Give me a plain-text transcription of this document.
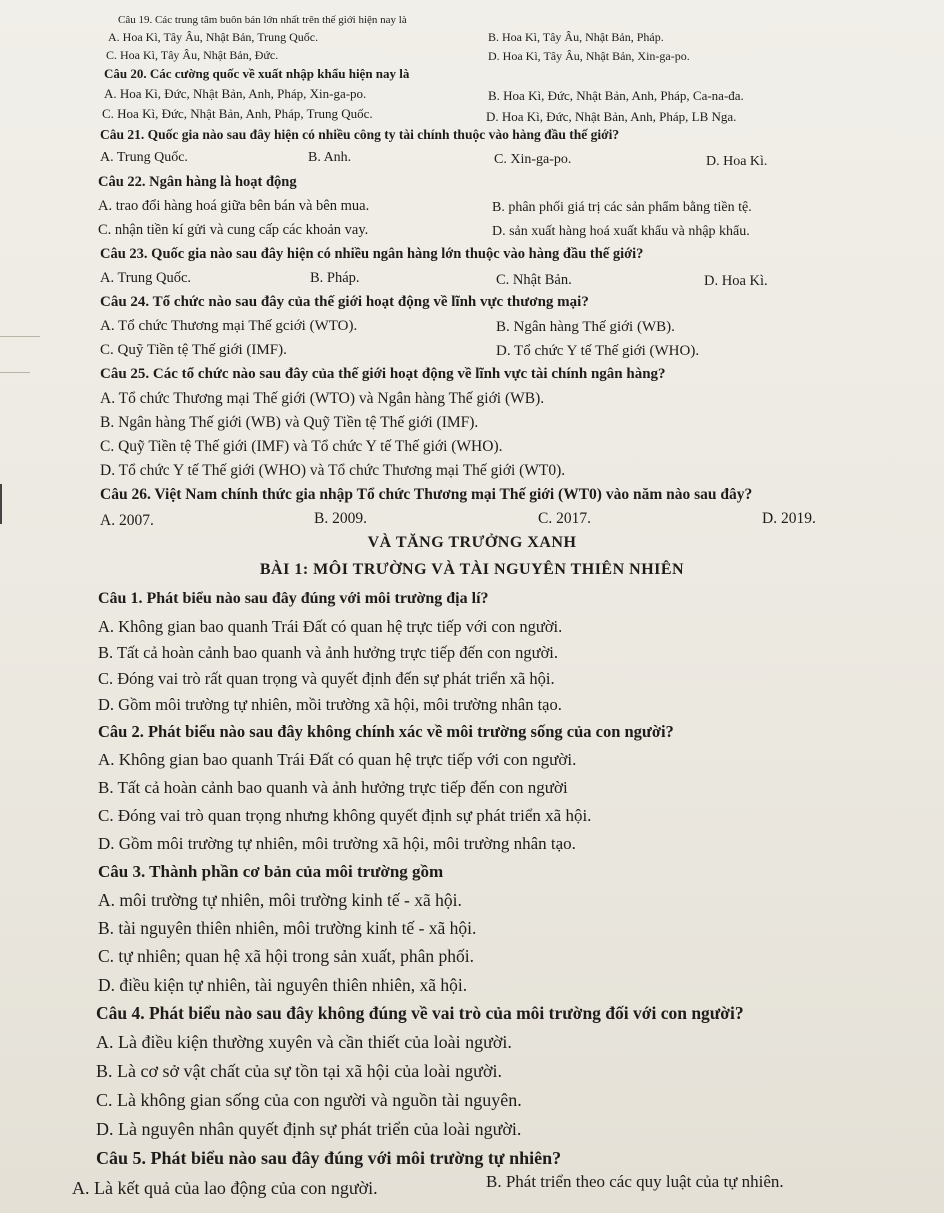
Câu 19. Các trung tâm buôn bán lớn nhất trên thế giới hiện nay là
A. Hoa Kì, Tây Âu, Nhật Bản, Trung Quốc.	B. Hoa Kì, Tây Âu, Nhật Bản, Pháp.
C. Hoa Kì, Tây Âu, Nhật Bản, Đức.	D. Hoa Kì, Tây Âu, Nhật Bản, Xin-ga-po.
Câu 20. Các cường quốc về xuất nhập khẩu hiện nay là
A. Hoa Kì, Đức, Nhật Bản, Anh, Pháp, Xin-ga-po.	B. Hoa Kì, Đức, Nhật Bản, Anh, Pháp, Ca-na-đa.
C. Hoa Kì, Đức, Nhật Bản, Anh, Pháp, Trung Quốc.	D. Hoa Kì, Đức, Nhật Bản, Anh, Pháp, LB Nga.
Câu 21. Quốc gia nào sau đây hiện có nhiều công ty tài chính thuộc vào hàng đầu thế giới?
A. Trung Quốc.	B. Anh.	C. Xin-ga-po.	D. Hoa Kì.
Câu 22. Ngân hàng là hoạt động
A. trao đổi hàng hoá giữa bên bán và bên mua.	B. phân phối giá trị các sản phẩm bằng tiền tệ.
C. nhận tiền kí gửi và cung cấp các khoản vay.	D. sản xuất hàng hoá xuất khẩu và nhập khẩu.
Câu 23. Quốc gia nào sau đây hiện có nhiều ngân hàng lớn thuộc vào hàng đầu thế giới?
A. Trung Quốc.	B. Pháp.	C. Nhật Bản.	D. Hoa Kì.
Câu 24. Tổ chức nào sau đây của thế giới hoạt động về lĩnh vực thương mại?
A. Tổ chức Thương mại Thế gciới (WTO).	B. Ngân hàng Thế giới (WB).
C. Quỹ Tiền tệ Thế giới (IMF).	D. Tổ chức Y tế Thế giới (WHO).
Câu 25. Các tổ chức nào sau đây của thế giới hoạt động về lĩnh vực tài chính ngân hàng?
A. Tổ chức Thương mại Thế giới (WTO) và Ngân hàng Thế giới (WB).
B. Ngân hàng Thế giới (WB) và Quỹ Tiền tệ Thế giới (IMF).
C. Quỹ Tiền tệ Thế giới (IMF) và Tổ chức Y tế Thế giới (WHO).
D. Tổ chức Y tế Thế giới (WHO) và Tổ chức Thương mại Thế giới (WT0).
Câu 26. Việt Nam chính thức gia nhập Tổ chức Thương mại Thế giới (WT0) vào năm nào sau đây?
A. 2007.	B. 2009.	C. 2017.	D. 2019.
VÀ TĂNG TRƯỞNG XANH
BÀI 1: MÔI TRƯỜNG VÀ TÀI NGUYÊN THIÊN NHIÊN
Câu 1. Phát biểu nào sau đây đúng với môi trường địa lí?
A. Không gian bao quanh Trái Đất có quan hệ trực tiếp với con người.
B. Tất cả hoàn cảnh bao quanh và ảnh hưởng trực tiếp đến con người.
C. Đóng vai trò rất quan trọng và quyết định đến sự phát triển xã hội.
D. Gồm môi trường tự nhiên, mồi trường xã hội, môi trường nhân tạo.
Câu 2. Phát biểu nào sau đây không chính xác về môi trường sống của con người?
A. Không gian bao quanh Trái Đất có quan hệ trực tiếp với con người.
B. Tất cả hoàn cảnh bao quanh và ảnh hưởng trực tiếp đến con người
C. Đóng vai trò quan trọng nhưng không quyết định sự phát triển xã hội.
D. Gồm môi trường tự nhiên, môi trường xã hội, môi trường nhân tạo.
Câu 3. Thành phần cơ bản của môi trường gồm
A. môi trường tự nhiên, môi trường kinh tế - xã hội.
B. tài nguyên thiên nhiên, môi trường kinh tế - xã hội.
C. tự nhiên; quan hệ xã hội trong sản xuất, phân phối.
D. điều kiện tự nhiên, tài nguyên thiên nhiên, xã hội.
Câu 4. Phát biểu nào sau đây không đúng về vai trò của môi trường đối với con người?
A. Là điều kiện thường xuyên và cần thiết của loài người.
B. Là cơ sở vật chất của sự tồn tại xã hội của loài người.
C. Là không gian sống của con người và nguồn tài nguyên.
D. Là nguyên nhân quyết định sự phát triển của loài người.
Câu 5. Phát biểu nào sau đây đúng với môi trường tự nhiên?
A. Là kết quả của lao động của con người.	B. Phát triển theo các quy luật của tự nhiên.
